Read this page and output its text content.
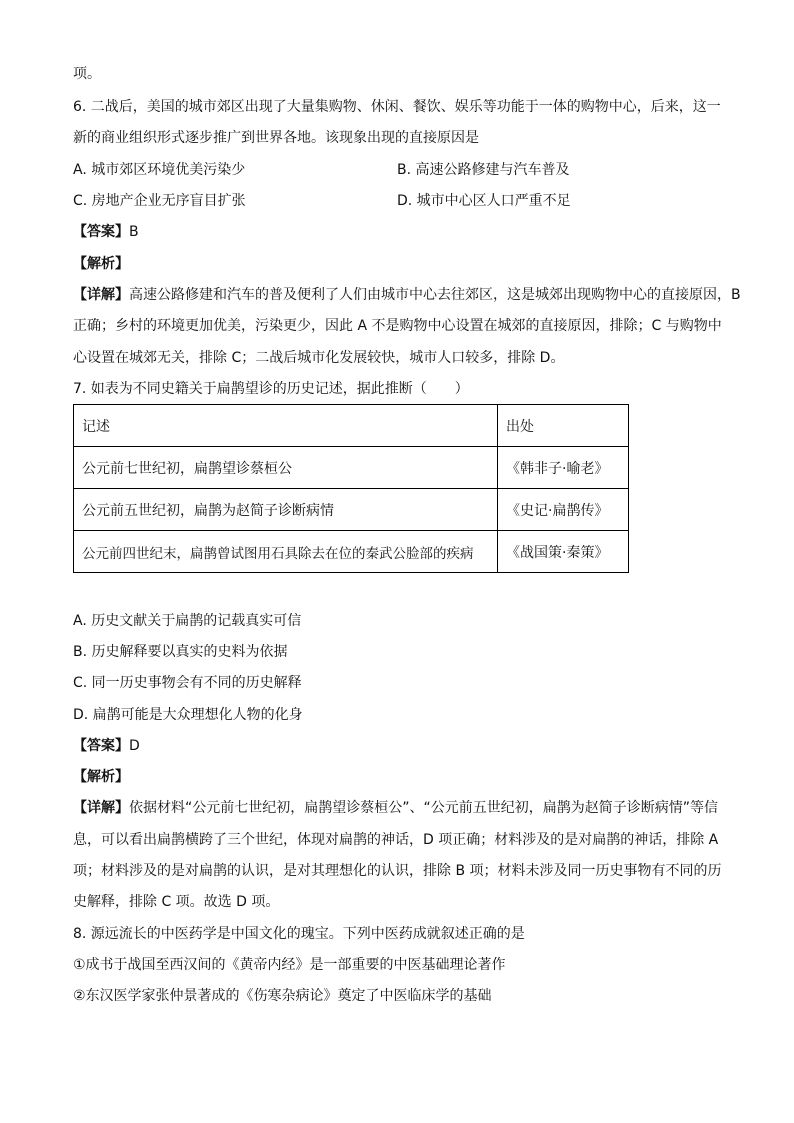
项。
6. 二战后，美国的城市郊区出现了大量集购物、休闲、餐饮、娱乐等功能于一体的购物中心，后来，这一
新的商业组织形式逐步推广到世界各地。该现象出现的直接原因是
A. 城市郊区环境优美污染少	B. 高速公路修建与汽车普及
C. 房地产企业无序盲目扩张	D. 城市中心区人口严重不足
【答案】B
【解析】
【详解】高速公路修建和汽车的普及便利了人们由城市中心去往郊区，这是城郊出现购物中心的直接原因，B
正确；乡村的环境更加优美，污染更少，因此 A 不是购物中心设置在城郊的直接原因，排除；C 与购物中
心设置在城郊无关，排除 C；二战后城市化发展较快，城市人口较多，排除 D。
7. 如表为不同史籍关于扁鹊望诊的历史记述，据此推断（　　）
记述	出处
公元前七世纪初，扁鹊望诊蔡桓公	《韩非子·喻老》
公元前五世纪初，扁鹊为赵简子诊断病情	《史记·扁鹊传》
公元前四世纪末，扁鹊曾试图用石具除去在位的秦武公脸部的疾病	《战国策·秦策》
A. 历史文献关于扁鹊的记载真实可信
B. 历史解释要以真实的史料为依据
C. 同一历史事物会有不同的历史解释
D. 扁鹊可能是大众理想化人物的化身
【答案】D
【解析】
【详解】依据材料“公元前七世纪初，扁鹊望诊蔡桓公”、“公元前五世纪初，扁鹊为赵简子诊断病情”等信
息，可以看出扁鹊横跨了三个世纪，体现对扁鹊的神话，D 项正确；材料涉及的是对扁鹊的神话，排除 A
项；材料涉及的是对扁鹊的认识，是对其理想化的认识，排除 B 项；材料未涉及同一历史事物有不同的历
史解释，排除 C 项。故选 D 项。
8. 源远流长的中医药学是中国文化的瑰宝。下列中医药成就叙述正确的是
①成书于战国至西汉间的《黄帝内经》是一部重要的中医基础理论著作
②东汉医学家张仲景著成的《伤寒杂病论》奠定了中医临床学的基础
